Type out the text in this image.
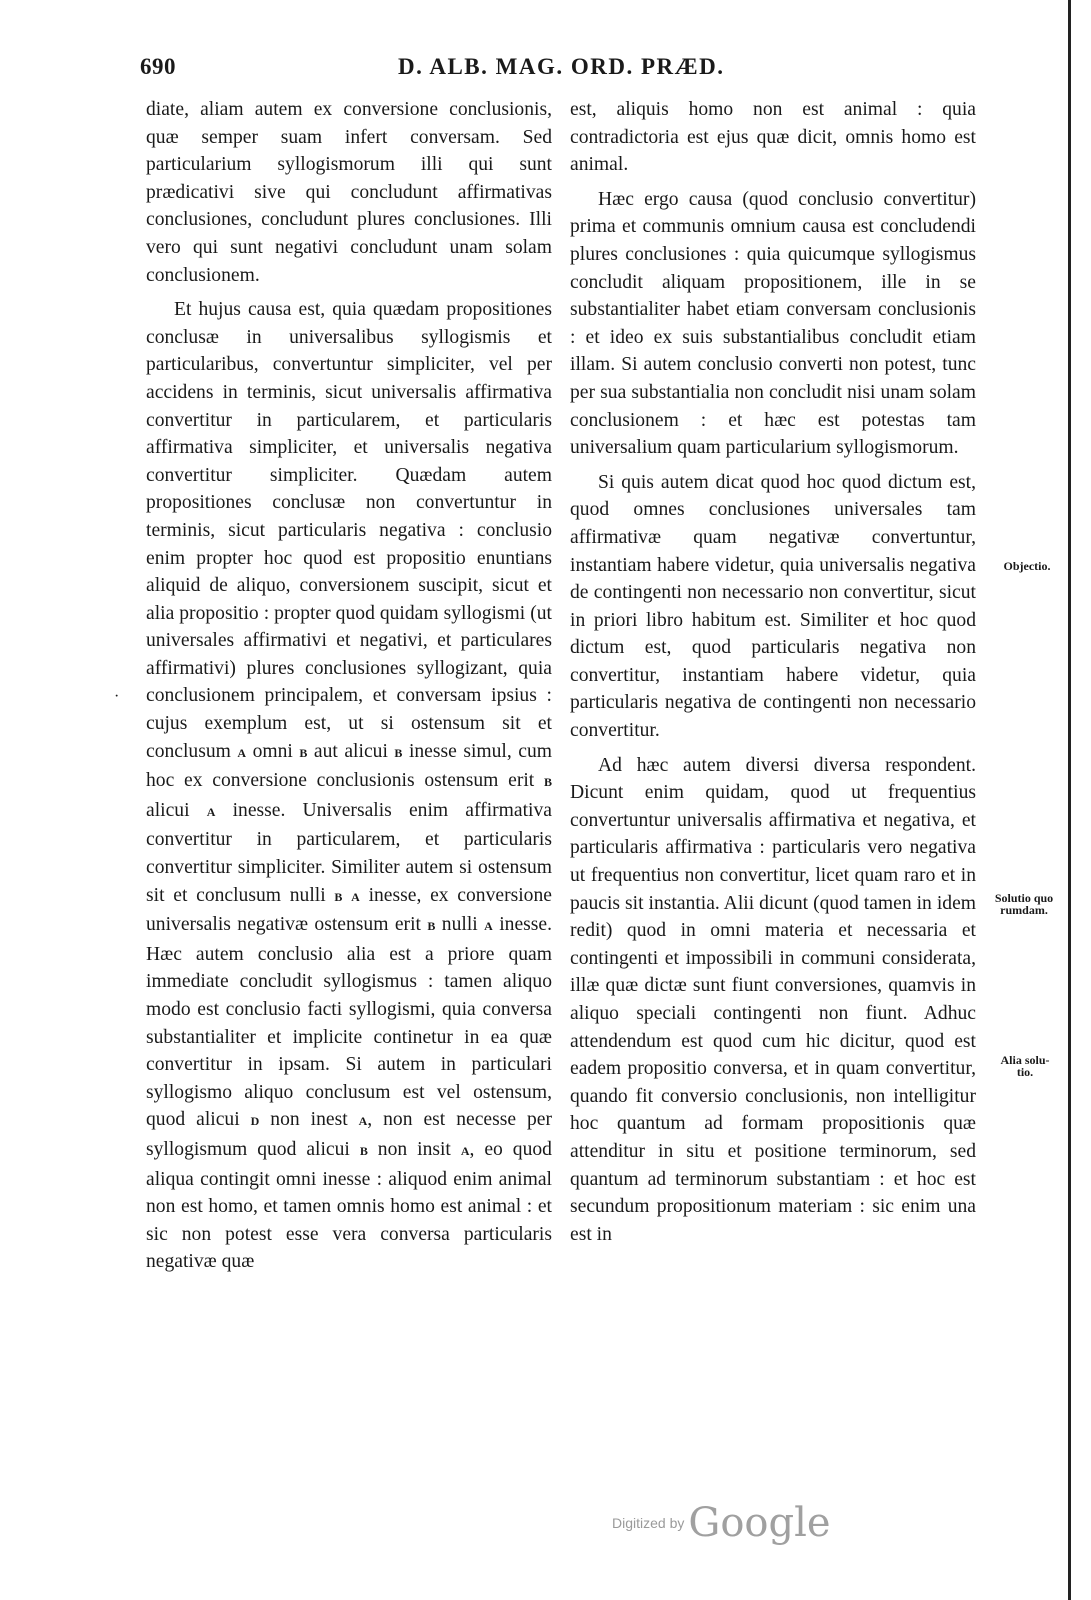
690	D. ALB. MAG. ORD. PRÆD.
·

diate, aliam autem ex conversione conclusionis, quæ semper suam infert conversam. Sed particularium syllogismorum illi qui sunt prædicativi sive qui concludunt affirmativas conclusiones, concludunt plures conclusiones. Illi vero qui sunt negativi concludunt unam solam conclusionem.

Et hujus causa est, quia quædam propositiones conclusæ in universalibus syllogismis et particularibus, convertuntur simpliciter, vel per accidens in terminis, sicut universalis affirmativa convertitur in particularem, et particularis affirmativa simpliciter, et universalis negativa convertitur simpliciter. Quædam autem propositiones conclusæ non convertuntur in terminis, sicut particularis negativa : conclusio enim propter hoc quod est propositio enuntians aliquid de aliquo, conversionem suscipit, sicut et alia propositio : propter quod quidam syllogismi (ut universales affirmativi et negativi, et particulares affirmativi) plures conclusiones syllogizant, quia conclusionem principalem, et conversam ipsius : cujus exemplum est, ut si ostensum sit et conclusum A omni B aut alicui B inesse simul, cum hoc ex conversione conclusionis ostensum erit B alicui A inesse. Universalis enim affirmativa convertitur in particularem, et particularis convertitur simpliciter. Similiter autem si ostensum sit et conclusum nulli B A inesse, ex conversione universalis negativæ ostensum erit B nulli A inesse. Hæc autem conclusio alia est a priore quam immediate concludit syllogismus : tamen aliquo modo est conclusio facti syllogismi, quia conversa substantialiter et implicite continetur in ea quæ convertitur in ipsam. Si autem in particulari syllogismo aliquo conclusum est vel ostensum, quod alicui D non inest A, non est necesse per syllogismum quod alicui B non insit A, eo quod aliqua contingit omni inesse : aliquod enim animal non est homo, et tamen omnis homo est animal : et sic non potest esse vera conversa particularis negativæ quæ

est, aliquis homo non est animal : quia contradictoria est ejus quæ dicit, omnis homo est animal.

Hæc ergo causa (quod conclusio convertitur) prima et communis omnium causa est concludendi plures conclusiones : quia quicumque syllogismus concludit aliquam propositionem, ille in se substantialiter habet etiam conversam conclusionis : et ideo ex suis substantialibus concludit etiam illam. Si autem conclusio converti non potest, tunc per sua substantialia non concludit nisi unam solam conclusionem : et hæc est potestas tam universalium quam particularium syllogismorum.

Si quis autem dicat quod hoc quod dictum est, quod omnes conclusiones universales tam affirmativæ quam negativæ convertuntur, instantiam habere videtur, quia universalis negativa de contingenti non necessario non convertitur, sicut in priori libro habitum est. Similiter et hoc quod dictum est, quod particularis negativa non convertitur, instantiam habere videtur, quia particularis negativa de contingenti non necessario convertitur.

Ad hæc autem diversi diversa respondent. Dicunt enim quidam, quod ut frequentius convertuntur universalis affirmativa et negativa, et particularis affirmativa : particularis vero negativa ut frequentius non convertitur, licet quam raro et in paucis sit instantia. Alii dicunt (quod tamen in idem redit) quod in omni materia et necessaria et contingenti et impossibili in communi considerata, illæ quæ dictæ sunt fiunt conversiones, quamvis in aliquo speciali contingenti non fiunt. Adhuc attendendum est quod cum hic dicitur, quod est eadem propositio conversa, et in quam convertitur, quando fit conversio conclusionis, non intelligitur hoc quantum ad formam propositionis quæ attenditur in situ et positione terminorum, sed quantum ad terminorum substantiam : et hoc est secundum propositionum materiam : sic enim una est in

Objectio.
Solutio quo
rumdam.
Alia solu-
tio.
Digitized by Google
